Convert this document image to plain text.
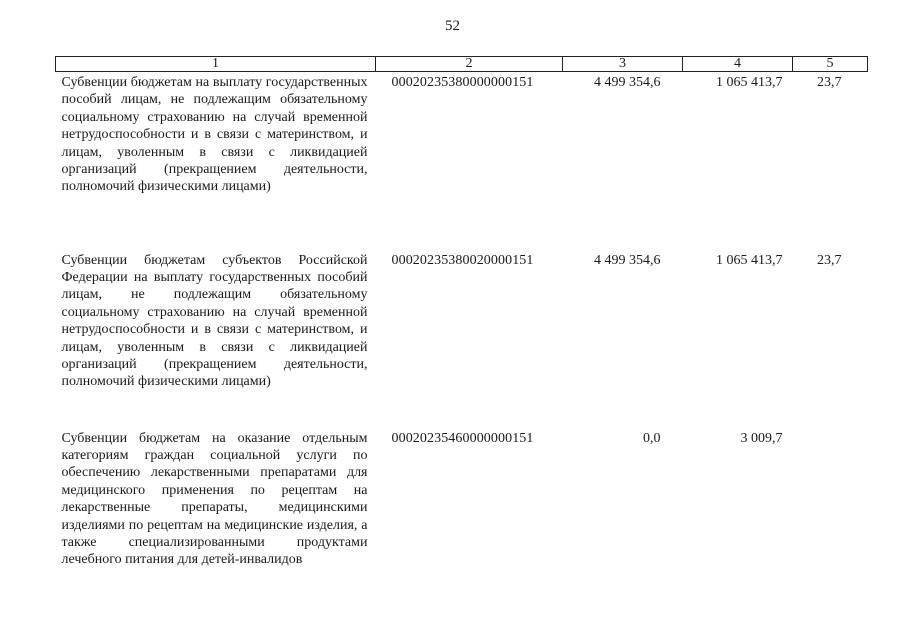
52
1	2	3	4	5
Субвенции бюджетам на выплату государственных пособий лицам, не подлежащим обязательному социальному страхованию на случай временной нетрудоспособности и в связи с материнством, и лицам, уволенным в связи с ликвидацией организаций (прекращением деятельности, полномочий физическими лицами)	00020235380000000151	4 499 354,6	1 065 413,7	23,7
Субвенции бюджетам субъектов Российской Федерации на выплату государственных пособий лицам, не подлежащим обязательному социальному страхованию на случай временной нетрудоспособности и в связи с материнством, и лицам, уволенным в связи с ликвидацией организаций (прекращением деятельности, полномочий физическими лицами)	00020235380020000151	4 499 354,6	1 065 413,7	23,7
Субвенции бюджетам на оказание отдельным категориям граждан социальной услуги по обеспечению лекарственными препаратами для медицинского применения по рецептам на лекарственные препараты, медицинскими изделиями по рецептам на медицинские изделия, а также специализированными продуктами лечебного питания для детей-инвалидов	00020235460000000151	0,0	3 009,7	
